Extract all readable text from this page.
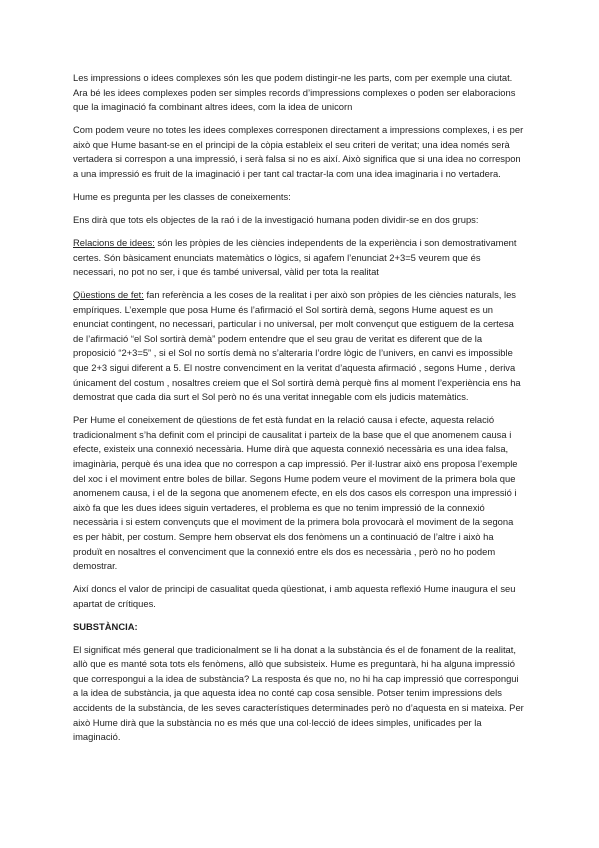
Les impressions o idees complexes són les que podem distingir-ne les parts, com per exemple una ciutat. Ara bé les idees complexes poden ser simples records d’impressions complexes o poden ser elaboracions que la imaginació fa combinant altres idees, com la idea de unicorn

Com podem veure no totes les idees complexes corresponen directament a impressions complexes, i es per això que Hume basant-se en el principi de la còpia estableix el seu criteri de veritat; una idea només serà vertadera si correspon a una impressió, i serà falsa si no es així. Això significa que si una idea no correspon a una impressió es fruit de la imaginació i per tant cal tractar-la com una idea imaginaria i no vertadera.

Hume es pregunta per les classes de coneixements:

Ens dirà que tots els objectes de la raó i de la investigació humana poden dividir-se en dos grups:

Relacions de idees: són les pròpies de les ciències independents de la experiència i son demostrativament certes. Són bàsicament enunciats matemàtics o lògics, si agafem l’enunciat 2+3=5 veurem que és necessari, no pot no ser, i que és també universal, vàlid per tota la realitat

Qüestions de fet: fan referència a les coses de la realitat i per això son pròpies de les ciències naturals, les empíriques. L’exemple que posa Hume és l’afirmació el Sol sortirà demà, segons Hume aquest es un enunciat contingent, no necessari, particular i no universal, per molt convençut que estiguem de la certesa de l’afirmació “el Sol sortirà demà” podem entendre que el seu grau de veritat es diferent que de la proposició “2+3=5” , si el Sol no sortís demà no s’alteraria l’ordre lògic de l’univers, en canvi es impossible que 2+3 sigui diferent a 5. El nostre convenciment en la veritat d’aquesta afirmació , segons Hume , deriva únicament del costum , nosaltres creiem que el Sol sortirà demà perquè fins al moment l’experiència ens ha demostrat que cada dia surt el Sol però no és una veritat innegable com els judicis matemàtics.

Per Hume el coneixement de qüestions de fet està fundat en la relació causa i efecte, aquesta relació tradicionalment s’ha definit com el principi de causalitat i parteix de la base que el que anomenem causa i efecte, existeix una connexió necessària. Hume dirà que aquesta connexió necessària es una idea falsa, imaginària, perquè és una idea que no correspon a cap impressió. Per il·lustrar això ens proposa l’exemple del xoc i el moviment entre boles de billar. Segons Hume podem veure el moviment de la primera bola que anomenem causa, i el de la segona que anomenem efecte, en els dos casos els correspon una impressió i això fa que les dues idees siguin vertaderes, el problema es que no tenim impressió de la connexió necessària i si estem convençuts que el moviment de la primera bola provocarà el moviment de la segona es per hàbit, per costum. Sempre hem observat els dos fenòmens un a continuació de l’altre i això ha produït en nosaltres el convenciment que la connexió entre els dos es necessària , però no ho podem demostrar.

Així doncs el valor de principi de casualitat queda qüestionat, i amb aquesta reflexió Hume inaugura el seu apartat de crítiques.

SUBSTÀNCIA:

El significat més general que tradicionalment se li ha donat a la substància és el de fonament de la realitat, allò que es manté sota tots els fenòmens, allò que subsisteix. Hume es preguntarà, hi ha alguna impressió que correspongui a la idea de substància? La resposta és que no, no hi ha cap impressió que correspongui a la idea de substància, ja que aquesta idea no conté cap cosa sensible. Potser tenim impressions dels accidents de la substància, de les seves característiques determinades però no d’aquesta en si mateixa. Per això Hume dirà que la substància no es més que una col·lecció de idees simples, unificades per la imaginació.
